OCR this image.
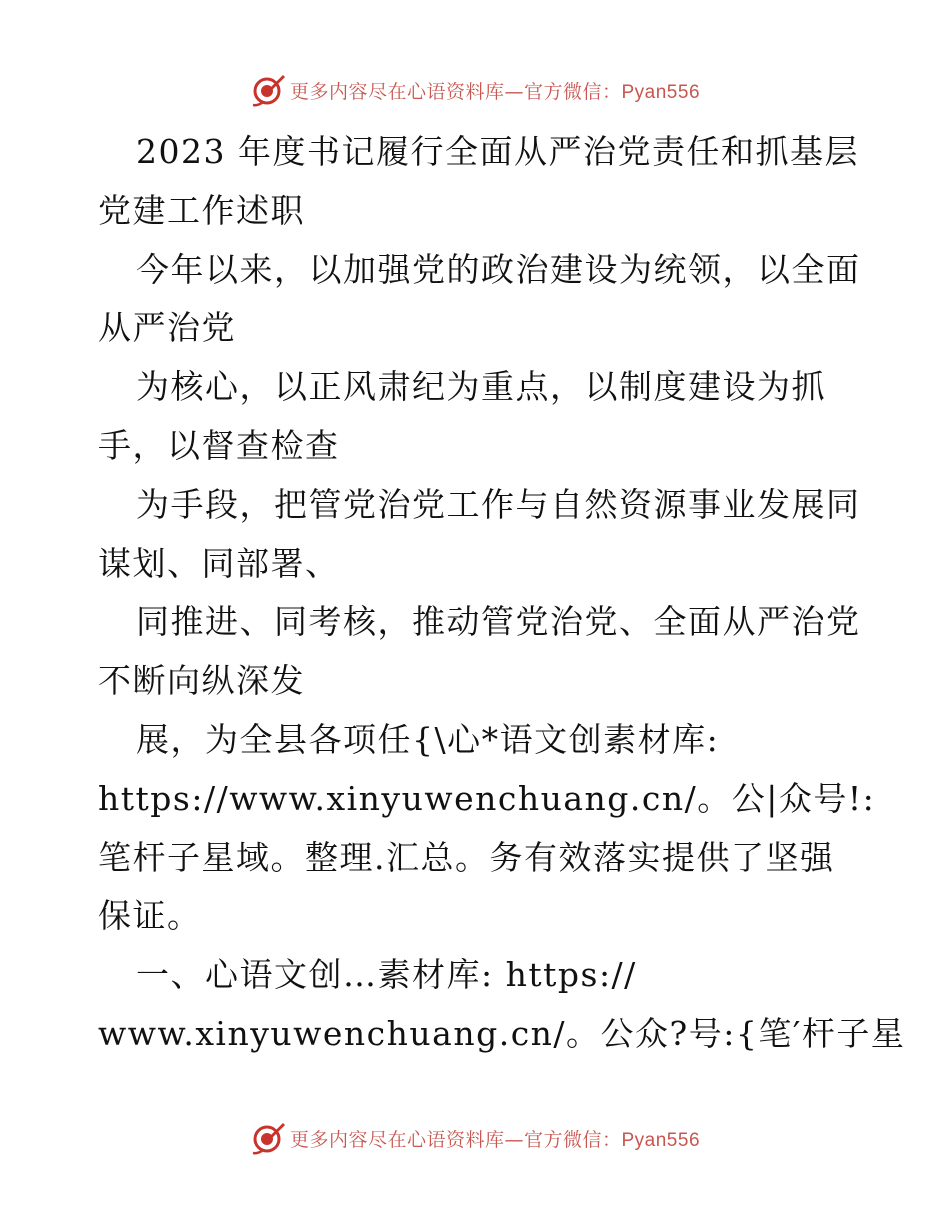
更多内容尽在心语资料库—官方微信：Pyan556
2023 年度书记履行全面从严治党责任和抓基层
党建工作述职
今年以来，以加强党的政治建设为统领，以全面
从严治党
为核心，以正风肃纪为重点，以制度建设为抓
手，以督查检查
为手段，把管党治党工作与自然资源事业发展同
谋划、同部署、
同推进、同考核，推动管党治党、全面从严治党
不断向纵深发
展，为全县各项任{\心*语文创素材库:
https://www.xinyuwenchuang.cn/。公|众号!:
笔杆子星域。整理.汇总。务有效落实提供了坚强
保证。
一、心语文创…素材库: https://
www.xinyuwenchuang.cn/。公众?号:{笔′杆子星
更多内容尽在心语资料库—官方微信：Pyan556
